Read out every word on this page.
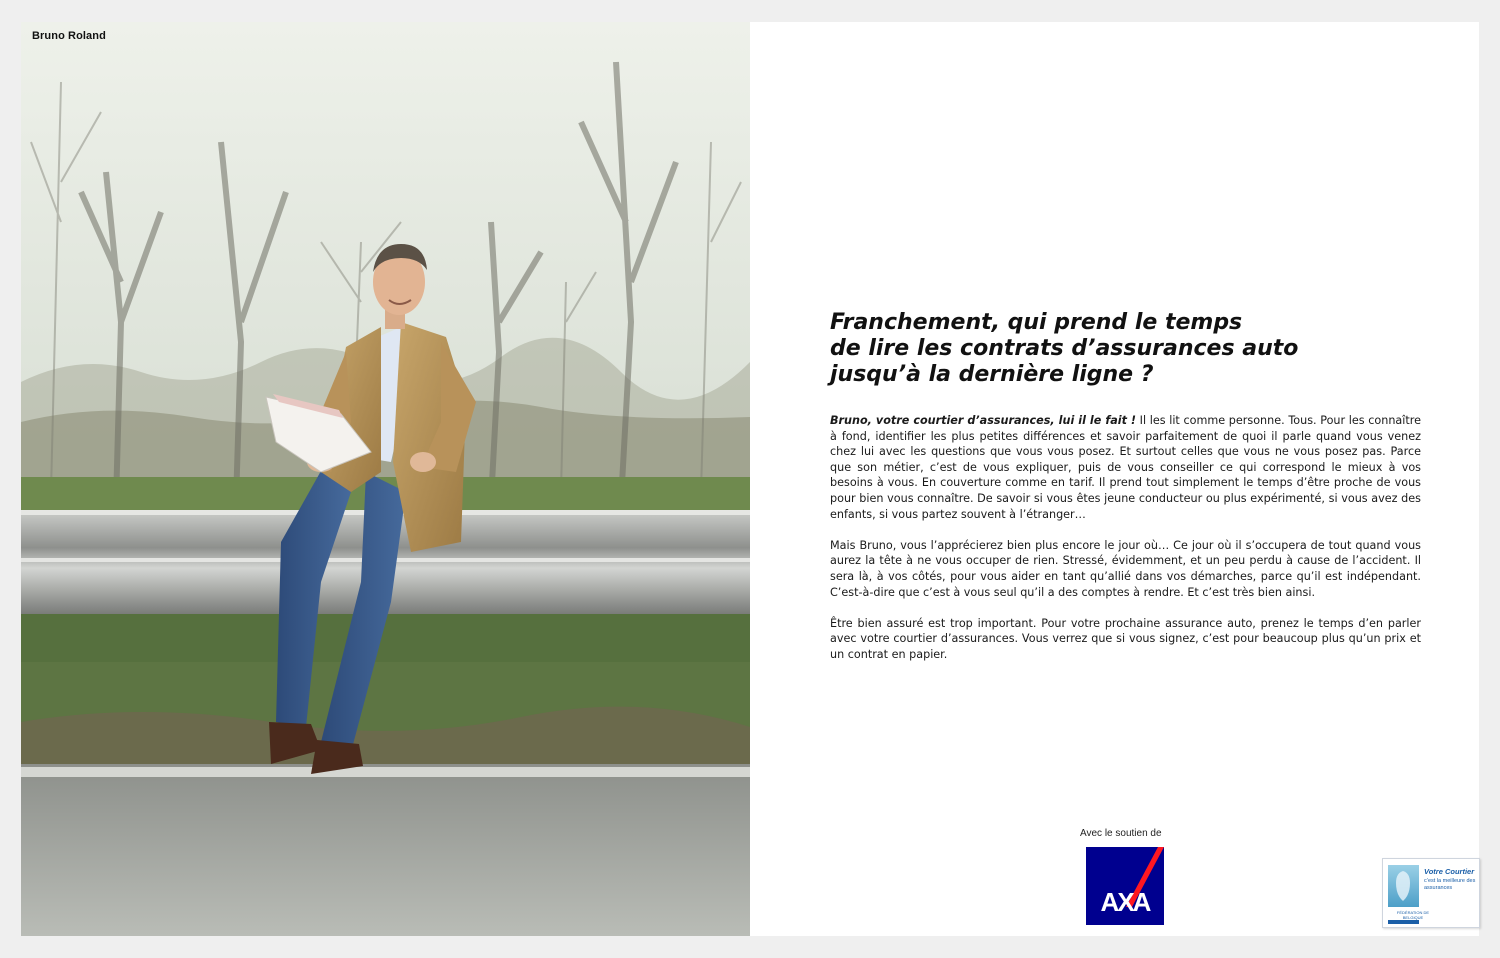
Bruno Roland
Franchement, qui prend le temps
de lire les contrats d’assurances auto
jusqu’à la dernière ligne ?

Bruno, votre courtier d’assurances, lui il le fait ! Il les lit comme personne. Tous. Pour les connaître à fond, identifier les plus petites différences et savoir parfaitement de quoi il parle quand vous venez chez lui avec les questions que vous vous posez. Et surtout celles que vous ne vous posez pas. Parce que son métier, c’est de vous expliquer, puis de vous conseiller ce qui correspond le mieux à vos besoins à vous. En couverture comme en tarif. Il prend tout simplement le temps d’être proche de vous pour bien vous connaître. De savoir si vous êtes jeune conducteur ou plus expérimenté, si vous avez des enfants, si vous partez souvent à l’étranger…

Mais Bruno, vous l’apprécierez bien plus encore le jour où… Ce jour où il s’occupera de tout quand vous aurez la tête à ne vous occuper de rien. Stressé, évidemment, et un peu perdu à cause de l’accident. Il sera là, à vos côtés, pour vous aider en tant qu’allié dans vos démarches, parce qu’il est indépendant. C’est-à-dire que c’est à vous seul qu’il a des comptes à rendre. Et c’est très bien ainsi.

Être bien assuré est trop important. Pour votre prochaine assurance auto, prenez le temps d’en parler avec votre courtier d’assurances. Vous verrez que si vous signez, c’est pour beaucoup plus qu’un prix et un contrat en papier.

Avec le soutien de
AXA
Votre Courtier
c’est la meilleure des assurances
FÉDÉRATION DE BELGIQUE
